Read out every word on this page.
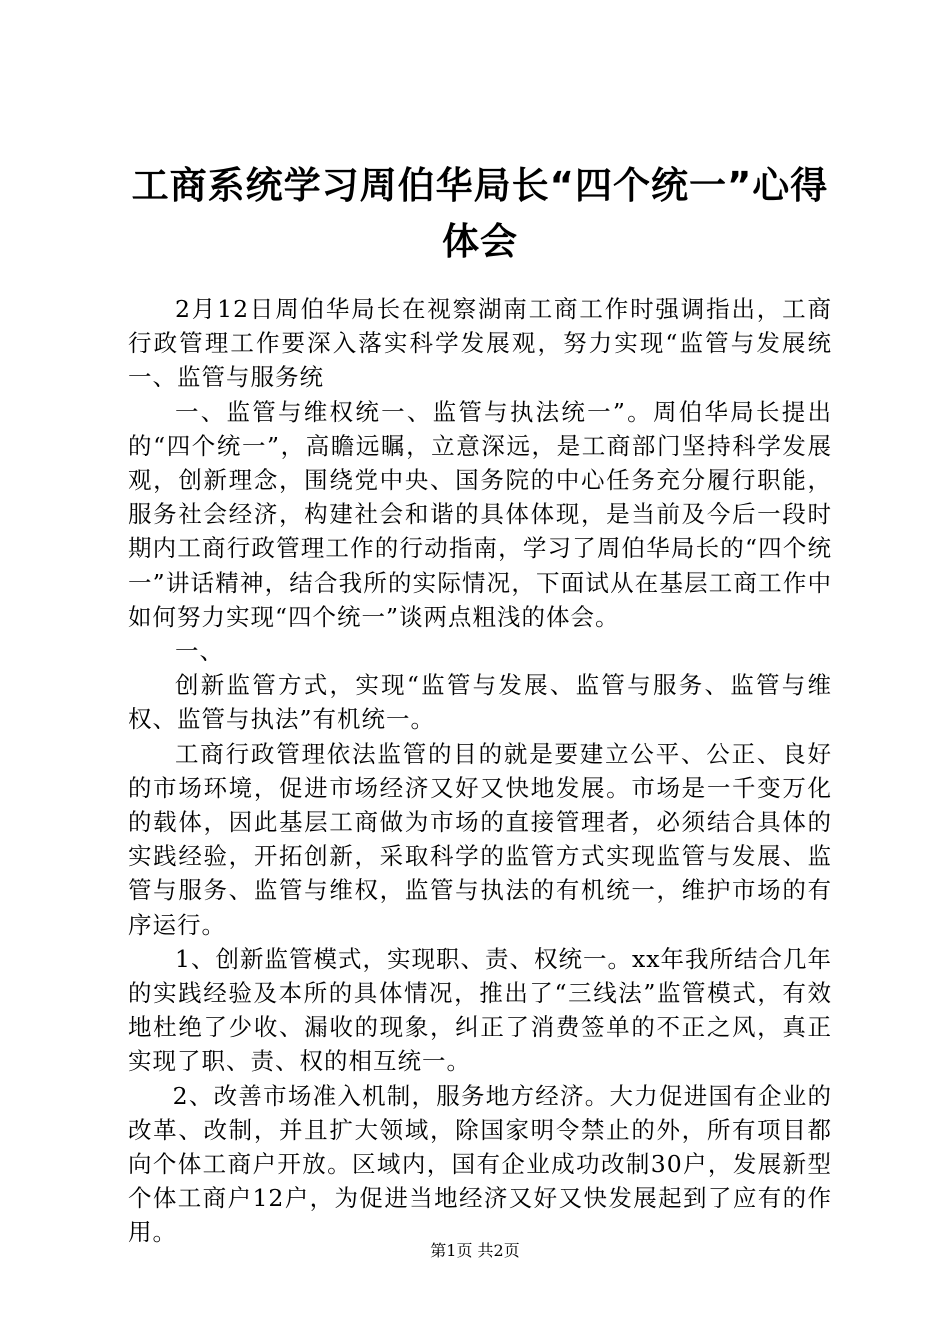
工商系统学习周伯华局长“四个统一”心得体会

2月12日周伯华局长在视察湖南工商工作时强调指出，工商行政管理工作要深入落实科学发展观，努力实现“监管与发展统一、监管与服务统

一、监管与维权统一、监管与执法统一”。周伯华局长提出的“四个统一”，高瞻远瞩，立意深远，是工商部门坚持科学发展观，创新理念，围绕党中央、国务院的中心任务充分履行职能，服务社会经济，构建社会和谐的具体体现，是当前及今后一段时期内工商行政管理工作的行动指南，学习了周伯华局长的“四个统一”讲话精神，结合我所的实际情况，下面试从在基层工商工作中如何努力实现“四个统一”谈两点粗浅的体会。

一、

创新监管方式，实现“监管与发展、监管与服务、监管与维权、监管与执法”有机统一。

工商行政管理依法监管的目的就是要建立公平、公正、良好的市场环境，促进市场经济又好又快地发展。市场是一千变万化的载体，因此基层工商做为市场的直接管理者，必须结合具体的实践经验，开拓创新，采取科学的监管方式实现监管与发展、监管与服务、监管与维权，监管与执法的有机统一，维护市场的有序运行。

1、创新监管模式，实现职、责、权统一。xx年我所结合几年的实践经验及本所的具体情况，推出了“三线法”监管模式，有效地杜绝了少收、漏收的现象，纠正了消费签单的不正之风，真正实现了职、责、权的相互统一。

2、改善市场准入机制，服务地方经济。大力促进国有企业的改革、改制，并且扩大领域，除国家明令禁止的外，所有项目都向个体工商户开放。区域内，国有企业成功改制30户，发展新型个体工商户12户，为促进当地经济又好又快发展起到了应有的作用。

第1页 共2页
